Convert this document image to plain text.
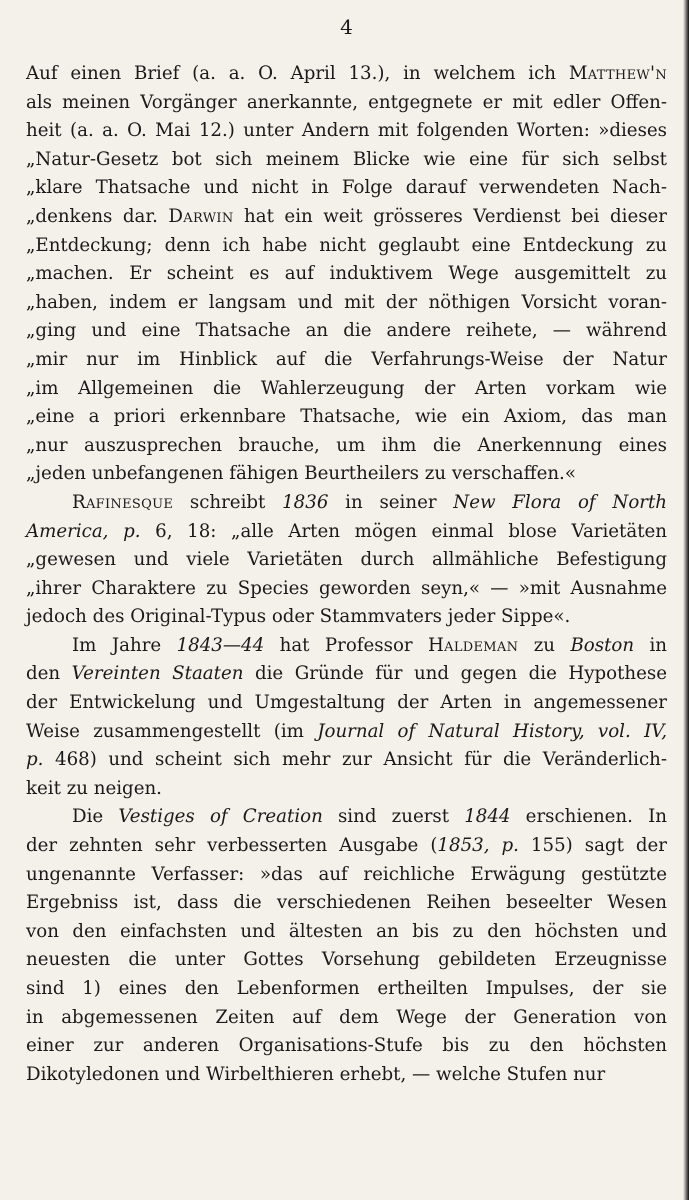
4
Auf einen Brief (a. a. O. April 13.), in welchem ich Matthew'n
als meinen Vorgänger anerkannte, entgegnete er mit edler Offen-
heit (a. a. O. Mai 12.) unter Andern mit folgenden Worten: »dieses
„Natur-Gesetz bot sich meinem Blicke wie eine für sich selbst
„klare Thatsache und nicht in Folge darauf verwendeten Nach-
„denkens dar. Darwin hat ein weit grösseres Verdienst bei dieser
„Entdeckung; denn ich habe nicht geglaubt eine Entdeckung zu
„machen. Er scheint es auf induktivem Wege ausgemittelt zu
„haben, indem er langsam und mit der nöthigen Vorsicht voran-
„ging und eine Thatsache an die andere reihete, — während
„mir nur im Hinblick auf die Verfahrungs-Weise der Natur
„im Allgemeinen die Wahlerzeugung der Arten vorkam wie
„eine a priori erkennbare Thatsache, wie ein Axiom, das man
„nur auszusprechen brauche, um ihm die Anerkennung eines
„jeden unbefangenen fähigen Beurtheilers zu verschaffen.«
Rafinesque schreibt 1836 in seiner New Flora of North
America, p. 6, 18: „alle Arten mögen einmal blose Varietäten
„gewesen und viele Varietäten durch allmähliche Befestigung
„ihrer Charaktere zu Species geworden seyn,« — »mit Ausnahme
jedoch des Original-Typus oder Stammvaters jeder Sippe«.
Im Jahre 1843—44 hat Professor Haldeman zu Boston in
den Vereinten Staaten die Gründe für und gegen die Hypothese
der Entwickelung und Umgestaltung der Arten in angemessener
Weise zusammengestellt (im Journal of Natural History, vol. IV,
p. 468) und scheint sich mehr zur Ansicht für die Veränderlich-
keit zu neigen.
Die Vestiges of Creation sind zuerst 1844 erschienen. In
der zehnten sehr verbesserten Ausgabe (1853, p. 155) sagt der
ungenannte Verfasser: »das auf reichliche Erwägung gestützte
Ergebniss ist, dass die verschiedenen Reihen beseelter Wesen
von den einfachsten und ältesten an bis zu den höchsten und
neuesten die unter Gottes Vorsehung gebildeten Erzeugnisse
sind 1) eines den Lebenformen ertheilten Impulses, der sie
in abgemessenen Zeiten auf dem Wege der Generation von
einer zur anderen Organisations-Stufe bis zu den höchsten
Dikotyledonen und Wirbelthieren erhebt, — welche Stufen nur
